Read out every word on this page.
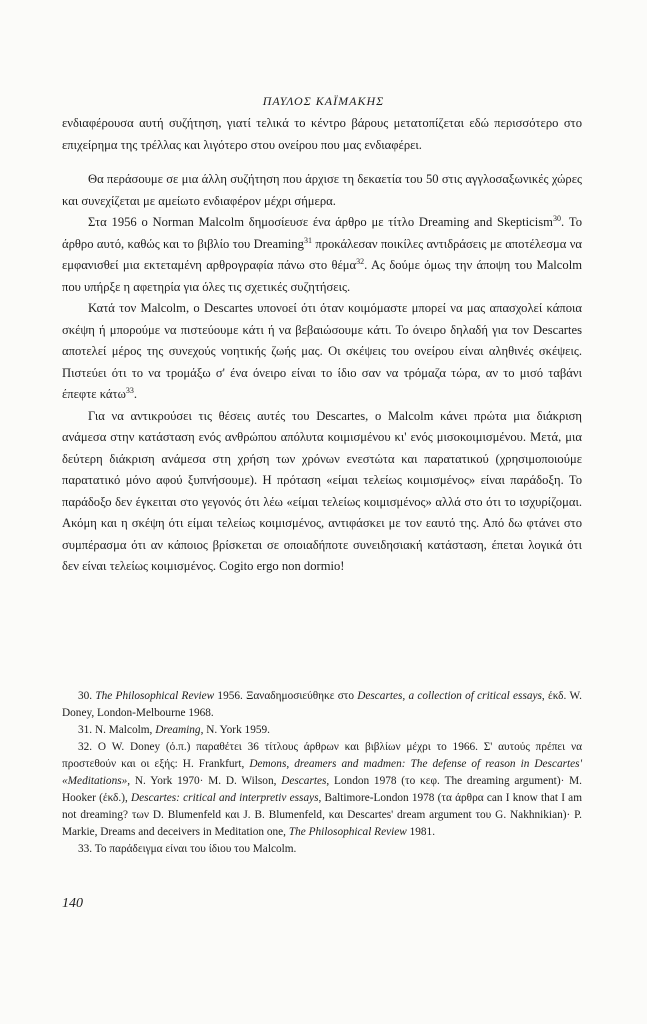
ΠΑΥΛΟΣ ΚΑΪΜΑΚΗΣ

ενδιαφέρουσα αυτή συζήτηση, γιατί τελικά το κέντρο βάρους μετατοπίζεται εδώ περισσότερο στο επιχείρημα της τρέλλας και λιγότερο στου ονείρου που μας ενδιαφέρει.

Θα περάσουμε σε μια άλλη συζήτηση που άρχισε τη δεκαετία του 50 στις αγγλοσαξωνικές χώρες και συνεχίζεται με αμείωτο ενδιαφέρον μέχρι σήμερα.

Στα 1956 ο Norman Malcolm δημοσίευσε ένα άρθρο με τίτλο Dreaming and Skepticism$^{30}$. Το άρθρο αυτό, καθώς και το βιβλίο του Dreaming$^{31}$ προκάλεσαν ποικίλες αντιδράσεις με αποτέλεσμα να εμφανισθεί μια εκτεταμένη αρθρογραφία πάνω στο θέμα$^{32}$. Ας δούμε όμως την άποψη του Malcolm που υπήρξε η αφετηρία για όλες τις σχετικές συζητήσεις.

Κατά τον Malcolm, ο Descartes υπονοεί ότι όταν κοιμόμαστε μπορεί να μας απασχολεί κάποια σκέψη ή μπορούμε να πιστεύουμε κάτι ή να βεβαιώσουμε κάτι. Το όνειρο δηλαδή για τον Descartes αποτελεί μέρος της συνεχούς νοητικής ζωής μας. Οι σκέψεις του ονείρου είναι αληθινές σκέψεις. Πιστεύει ότι το να τρομάξω σ' ένα όνειρο είναι το ίδιο σαν να τρόμαζα τώρα, αν το μισό ταβάνι έπεφτε κάτω$^{33}$.

Για να αντικρούσει τις θέσεις αυτές του Descartes, ο Malcolm κάνει πρώτα μια διάκριση ανάμεσα στην κατάσταση ενός ανθρώπου απόλυτα κοιμισμένου κι' ενός μισοκοιμισμένου. Μετά, μια δεύτερη διάκριση ανάμεσα στη χρήση των χρόνων ενεστώτα και παρατατικού (χρησιμοποιούμε παρατατικό μόνο αφού ξυπνήσουμε). Η πρόταση «είμαι τελείως κοιμισμένος» είναι παράδοξη. Το παράδοξο δεν έγκειται στο γεγονός ότι λέω «είμαι τελείως κοιμισμένος» αλλά στο ότι το ισχυρίζομαι. Ακόμη και η σκέψη ότι είμαι τελείως κοιμισμένος, αντιφάσκει με τον εαυτό της. Από δω φτάνει στο συμπέρασμα ότι αν κάποιος βρίσκεται σε οποιαδήποτε συνειδησιακή κατάσταση, έπεται λογικά ότι δεν είναι τελείως κοιμισμένος. Cogito ergo non dormio!

30. The Philosophical Review 1956. Ξαναδημοσιεύθηκε στο Descartes, a collection of critical essays, έκδ. W. Doney, London-Melbourne 1968.

31. N. Malcolm, Dreaming, N. York 1959.

32. Ο W. Doney (ό.π.) παραθέτει 36 τίτλους άρθρων και βιβλίων μέχρι το 1966. Σ' αυτούς πρέπει να προστεθούν και οι εξής: H. Frankfurt, Demons, dreamers and madmen: The defense of reason in Descartes' «Meditations», N. York 1970· M. D. Wilson, Descartes, London 1978 (το κεφ. The dreaming argument)· M. Hooker (έκδ.), Descartes: critical and interpretiv essays, Baltimore-London 1978 (τα άρθρα can I know that I am not dreaming? των D. Blumenfeld και J. B. Blumenfeld, και Descartes' dream argument του G. Nakhnikian)· P. Markie, Dreams and deceivers in Meditation one, The Philosophical Review 1981.

33. Το παράδειγμα είναι του ίδιου του Malcolm.

140
